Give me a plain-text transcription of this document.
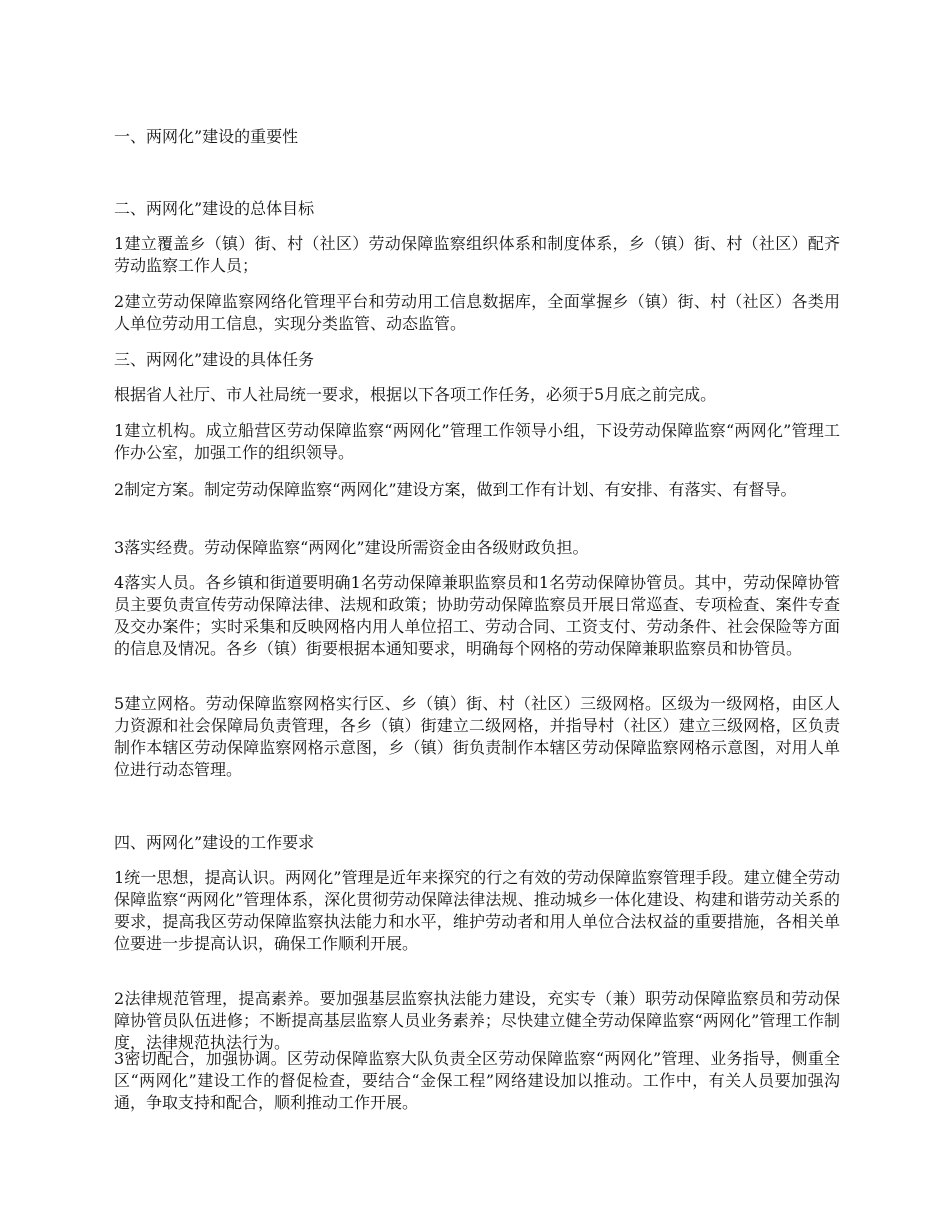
一、两网化”建设的重要性

二、两网化”建设的总体目标

1建立覆盖乡（镇）街、村（社区）劳动保障监察组织体系和制度体系，乡（镇）街、村（社区）配齐劳动监察工作人员；

2建立劳动保障监察网络化管理平台和劳动用工信息数据库，全面掌握乡（镇）街、村（社区）各类用人单位劳动用工信息，实现分类监管、动态监管。

三、两网化”建设的具体任务

根据省人社厅、市人社局统一要求，根据以下各项工作任务，必须于5月底之前完成。

1建立机构。成立船营区劳动保障监察“两网化”管理工作领导小组，下设劳动保障监察“两网化”管理工作办公室，加强工作的组织领导。

2制定方案。制定劳动保障监察“两网化”建设方案，做到工作有计划、有安排、有落实、有督导。

3落实经费。劳动保障监察“两网化”建设所需资金由各级财政负担。

4落实人员。各乡镇和街道要明确1名劳动保障兼职监察员和1名劳动保障协管员。其中，劳动保障协管员主要负责宣传劳动保障法律、法规和政策；协助劳动保障监察员开展日常巡查、专项检查、案件专查及交办案件；实时采集和反映网格内用人单位招工、劳动合同、工资支付、劳动条件、社会保险等方面的信息及情况。各乡（镇）街要根据本通知要求，明确每个网格的劳动保障兼职监察员和协管员。

5建立网格。劳动保障监察网格实行区、乡（镇）街、村（社区）三级网格。区级为一级网格，由区人力资源和社会保障局负责管理，各乡（镇）街建立二级网格，并指导村（社区）建立三级网格，区负责制作本辖区劳动保障监察网格示意图，乡（镇）街负责制作本辖区劳动保障监察网格示意图，对用人单位进行动态管理。

四、两网化”建设的工作要求

1统一思想，提高认识。两网化”管理是近年来探究的行之有效的劳动保障监察管理手段。建立健全劳动保障监察“两网化”管理体系，深化贯彻劳动保障法律法规、推动城乡一体化建设、构建和谐劳动关系的要求，提高我区劳动保障监察执法能力和水平，维护劳动者和用人单位合法权益的重要措施，各相关单位要进一步提高认识，确保工作顺利开展。

2法律规范管理，提高素养。要加强基层监察执法能力建设，充实专（兼）职劳动保障监察员和劳动保障协管员队伍进修；不断提高基层监察人员业务素养；尽快建立健全劳动保障监察“两网化”管理工作制度，法律规范执法行为。

3密切配合，加强协调。区劳动保障监察大队负责全区劳动保障监察“两网化”管理、业务指导，侧重全区“两网化”建设工作的督促检查，要结合“金保工程”网络建设加以推动。工作中，有关人员要加强沟通，争取支持和配合，顺利推动工作开展。
